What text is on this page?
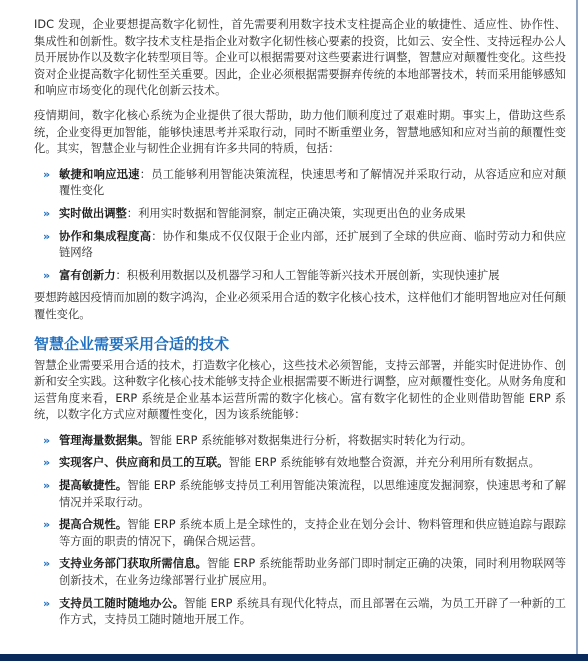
IDC 发现，企业要想提高数字化韧性，首先需要利用数字技术支柱提高企业的敏捷性、适应性、协作性、集成性和创新性。数字技术支柱是指企业对数字化韧性核心要素的投资，比如云、安全性、支持远程办公人员开展协作以及数字化转型项目等。企业可以根据需要对这些要素进行调整，智慧应对颠覆性变化。这些投资对企业提高数字化韧性至关重要。因此，企业必须根据需要摒弃传统的本地部署技术，转而采用能够感知和响应市场变化的现代化创新云技术。

疫情期间，数字化核心系统为企业提供了很大帮助，助力他们顺利度过了艰难时期。事实上，借助这些系统，企业变得更加智能，能够快速思考并采取行动，同时不断重塑业务，智慧地感知和应对当前的颠覆性变化。其实，智慧企业与韧性企业拥有许多共同的特质，包括：

» 敏捷和响应迅速：员工能够利用智能决策流程，快速思考和了解情况并采取行动，从容适应和应对颠覆性变化
» 实时做出调整：利用实时数据和智能洞察，制定正确决策，实现更出色的业务成果
» 协作和集成程度高：协作和集成不仅仅限于企业内部，还扩展到了全球的供应商、临时劳动力和供应链网络
» 富有创新力：积极利用数据以及机器学习和人工智能等新兴技术开展创新，实现快速扩展

要想跨越因疫情而加剧的数字鸿沟，企业必须采用合适的数字化核心技术，这样他们才能明智地应对任何颠覆性变化。

智慧企业需要采用合适的技术

智慧企业需要采用合适的技术，打造数字化核心，这些技术必须智能，支持云部署，并能实时促进协作、创新和安全实践。这种数字化核心技术能够支持企业根据需要不断进行调整，应对颠覆性变化。从财务角度和运营角度来看，ERP 系统是企业基本运营所需的数字化核心。富有数字化韧性的企业则借助智能 ERP 系统，以数字化方式应对颠覆性变化，因为该系统能够：

» 管理海量数据集。智能 ERP 系统能够对数据集进行分析，将数据实时转化为行动。
» 实现客户、供应商和员工的互联。智能 ERP 系统能够有效地整合资源，并充分利用所有数据点。
» 提高敏捷性。智能 ERP 系统能够支持员工利用智能决策流程，以思维速度发掘洞察，快速思考和了解情况并采取行动。
» 提高合规性。智能 ERP 系统本质上是全球性的，支持企业在划分会计、物料管理和供应链追踪与跟踪等方面的职责的情况下，确保合规运营。
» 支持业务部门获取所需信息。智能 ERP 系统能帮助业务部门即时制定正确的决策，同时利用物联网等创新技术，在业务边缘部署行业扩展应用。
» 支持员工随时随地办公。智能 ERP 系统具有现代化特点，而且部署在云端，为员工开辟了一种新的工作方式，支持员工随时随地开展工作。
